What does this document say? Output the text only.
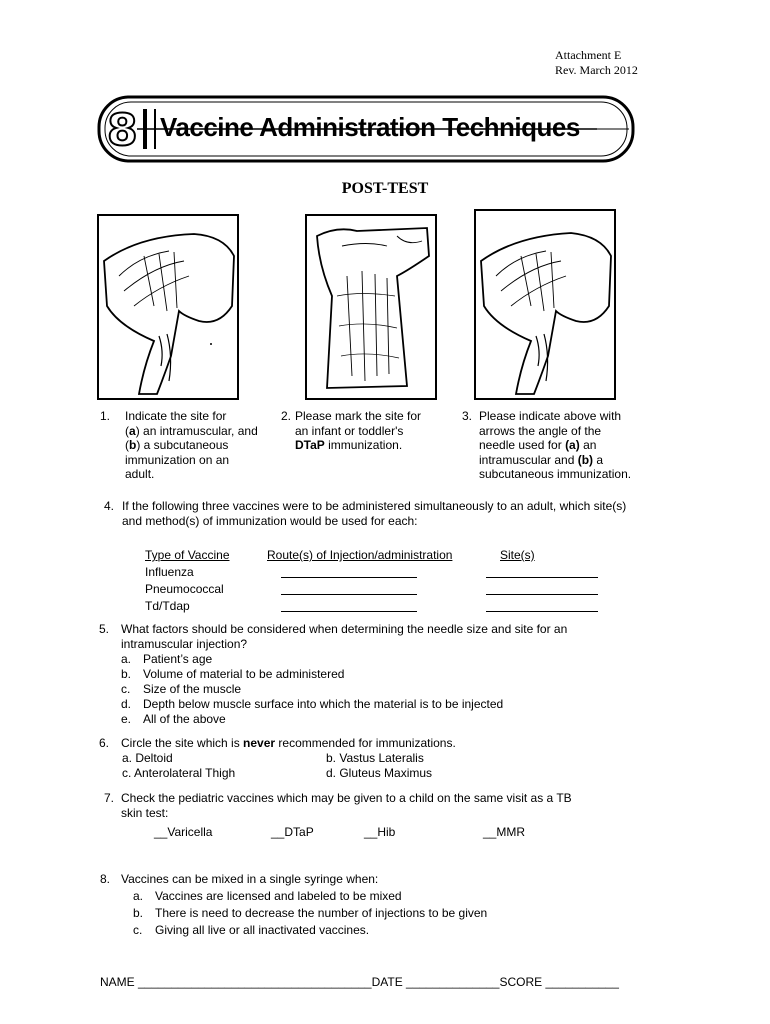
Attachment E
Rev. March 2012
8 Vaccine Administration Techniques
POST-TEST
1.	Indicate the site for
(a) an intramuscular, and
(b) a subcutaneous
immunization on an
adult.
2. Please mark the site for
an infant or toddler's
DTaP immunization.
3. Please indicate above with
arrows the angle of the
needle used for (a) an
intramuscular and (b) a
subcutaneous immunization.
4. If the following three vaccines were to be administered simultaneously to an adult, which site(s)
and method(s) of immunization would be used for each:
Type of Vaccine	Route(s) of Injection/administration	Site(s)
Influenza
Pneumococcal
Td/Tdap
5. What factors should be considered when determining the needle size and site for an
intramuscular injection?
a. Patient’s age
b. Volume of material to be administered
c.	Size of the muscle
d. Depth below muscle surface into which the material is to be injected
e. All of the above
6. Circle the site which is never recommended for immunizations.
a. Deltoid	b. Vastus Lateralis
c. Anterolateral Thigh	d. Gluteus Maximus
7. Check the pediatric vaccines which may be given to a child on the same visit as a TB
skin test:
__Varicella	__DTaP	__Hib	__MMR
8. Vaccines can be mixed in a single syringe when:
a. Vaccines are licensed and labeled to be mixed
b. There is need to decrease the number of injections to be given
c.	Giving all live or all inactivated vaccines.
NAME ___________________________________DATE ______________SCORE ___________
